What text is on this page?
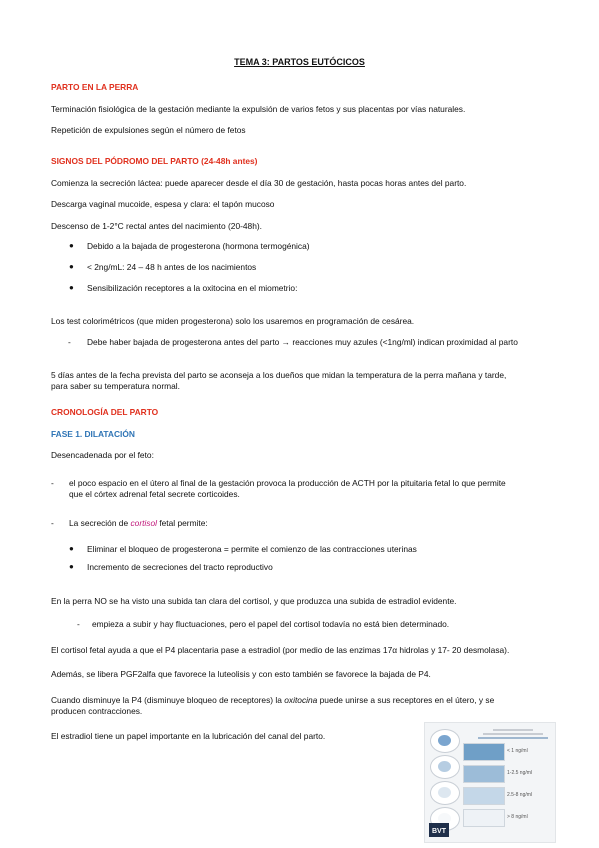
TEMA 3: PARTOS EUTÓCICOS
PARTO EN LA PERRA
Terminación fisiológica de la gestación mediante la expulsión de varios fetos y sus placentas por vías naturales.
Repetición de expulsiones según el número de fetos
SIGNOS DEL PÓDROMO DEL PARTO (24-48h antes)
Comienza la secreción láctea: puede aparecer desde el día 30 de gestación, hasta pocas horas antes del parto.
Descarga vaginal mucoide, espesa y clara: el tapón mucoso
Descenso de 1-2°C rectal antes del nacimiento (20-48h).
● Debido a la bajada de progesterona (hormona termogénica)
● < 2ng/mL: 24 – 48 h antes de los nacimientos
● Sensibilización receptores a la oxitocina en el miometrio:
Los test colorimétricos (que miden progesterona) solo los usaremos en programación de cesárea.
- Debe haber bajada de progesterona antes del parto → reacciones muy azules (<1ng/ml) indican proximidad al parto
5 días antes de la fecha prevista del parto se aconseja a los dueños que midan la temperatura de la perra mañana y tarde,
para saber su temperatura normal.
CRONOLOGÍA DEL PARTO
FASE 1. DILATACIÓN
Desencadenada por el feto:
- el poco espacio en el útero al final de la gestación provoca la producción de ACTH por la pituitaria fetal lo que permite
que el córtex adrenal fetal secrete corticoides.
- La secreción de cortisol fetal permite:
● Eliminar el bloqueo de progesterona = permite el comienzo de las contracciones uterinas
● Incremento de secreciones del tracto reproductivo
En la perra NO se ha visto una subida tan clara del cortisol, y que produzca una subida de estradiol evidente.
- empieza a subir y hay fluctuaciones, pero el papel del cortisol todavía no está bien determinado.
El cortisol fetal ayuda a que el P4 placentaria pase a estradiol (por medio de las enzimas 17α hidrolas y 17- 20 desmolasa).
Además, se libera PGF2alfa que favorece la luteolisis y con esto también se favorece la bajada de P4.
Cuando disminuye la P4 (disminuye bloqueo de receptores) la oxitocina puede unirse a sus receptores en el útero, y se
producen contracciones.
El estradiol tiene un papel importante en la lubricación del canal del parto.
< 1 ng/ml
1-2.5 ng/ml
2.5-8 ng/ml
> 8 ng/ml
BVT
